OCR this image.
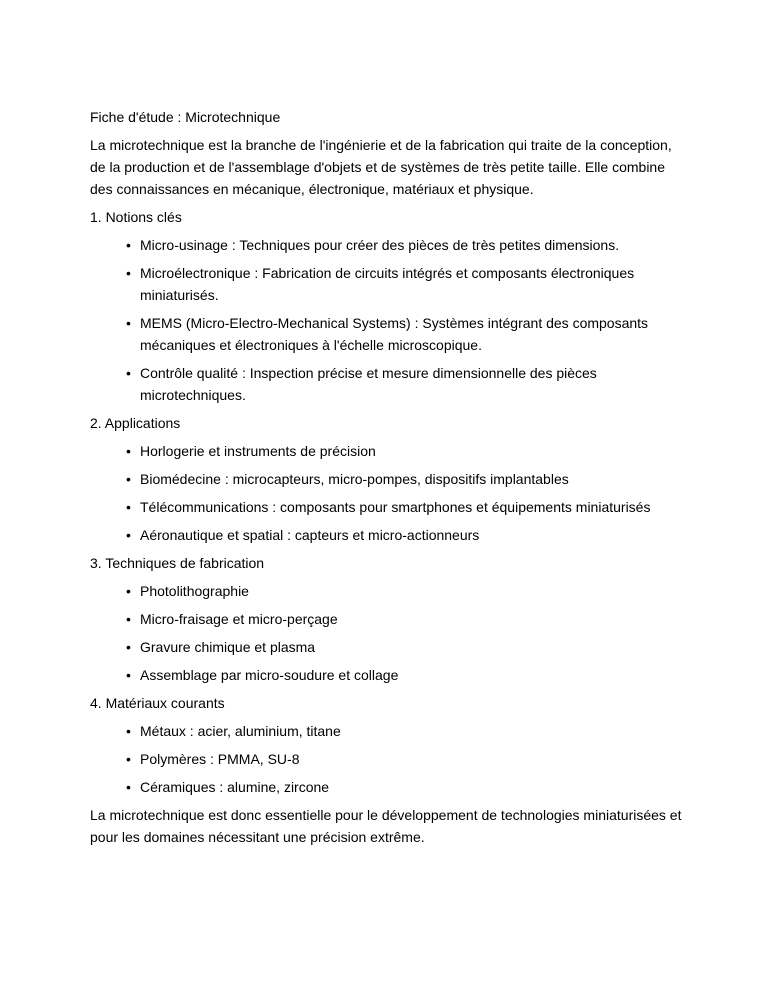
Fiche d'étude : Microtechnique

La microtechnique est la branche de l'ingénierie et de la fabrication qui traite de la conception, de la production et de l'assemblage d'objets et de systèmes de très petite taille. Elle combine des connaissances en mécanique, électronique, matériaux et physique.

1. Notions clés

• Micro-usinage : Techniques pour créer des pièces de très petites dimensions.
• Microélectronique : Fabrication de circuits intégrés et composants électroniques miniaturisés.
• MEMS (Micro-Electro-Mechanical Systems) : Systèmes intégrant des composants mécaniques et électroniques à l'échelle microscopique.
• Contrôle qualité : Inspection précise et mesure dimensionnelle des pièces microtechniques.

2. Applications

• Horlogerie et instruments de précision
• Biomédecine : microcapteurs, micro-pompes, dispositifs implantables
• Télécommunications : composants pour smartphones et équipements miniaturisés
• Aéronautique et spatial : capteurs et micro-actionneurs

3. Techniques de fabrication

• Photolithographie
• Micro-fraisage et micro-perçage
• Gravure chimique et plasma
• Assemblage par micro-soudure et collage

4. Matériaux courants

• Métaux : acier, aluminium, titane
• Polymères : PMMA, SU-8
• Céramiques : alumine, zircone

La microtechnique est donc essentielle pour le développement de technologies miniaturisées et pour les domaines nécessitant une précision extrême.
